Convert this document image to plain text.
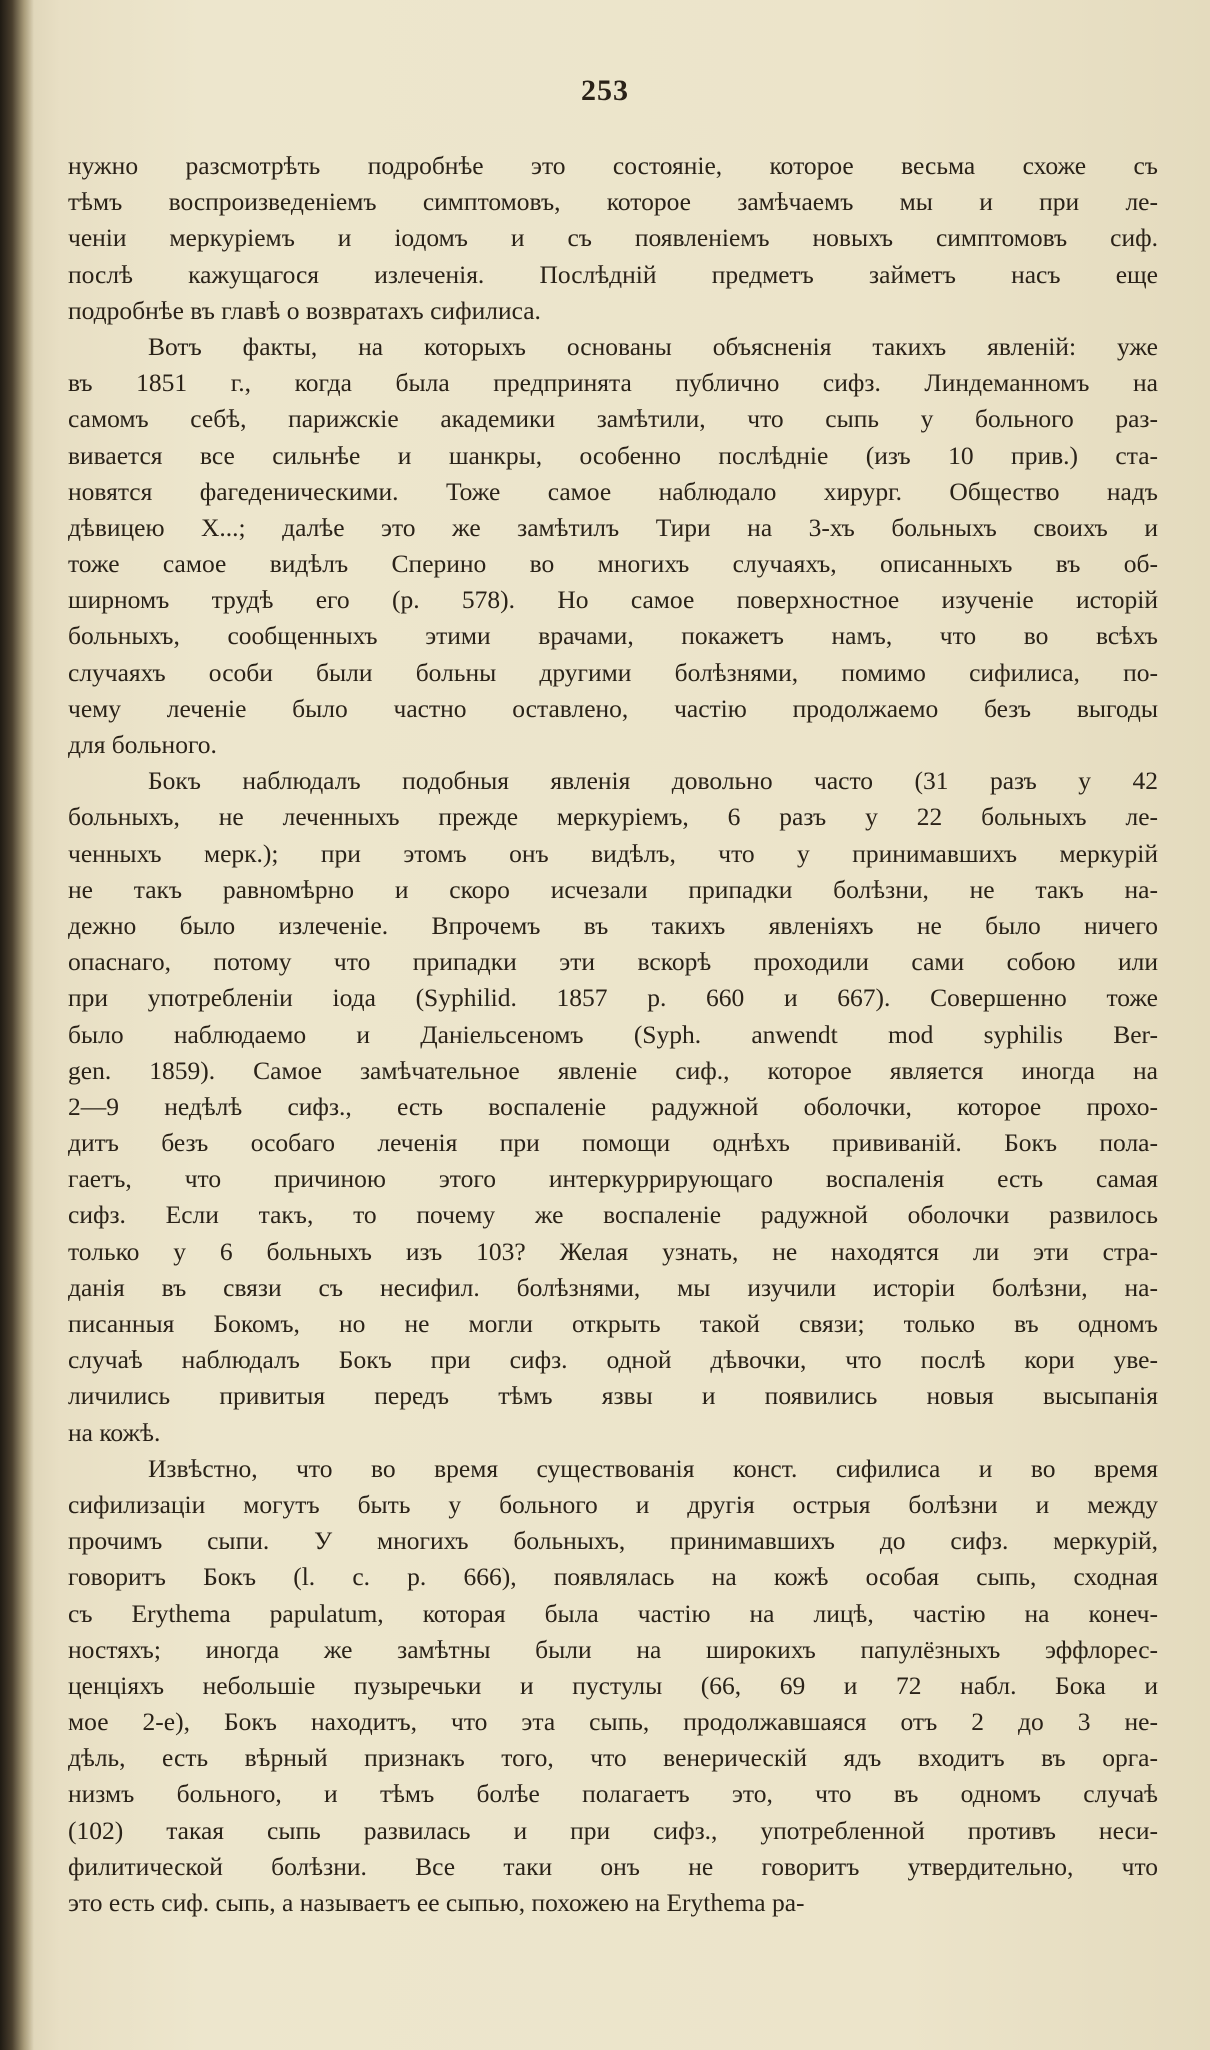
253

нужно разсмотрѣть подробнѣе это состояніе, которое весьма схоже съ
тѣмъ воспроизведеніемъ симптомовъ, которое замѣчаемъ мы и при ле-
ченіи меркуріемъ и іодомъ и съ появленіемъ новыхъ симптомовъ сиф.
послѣ кажущагося излеченія. Послѣдній предметъ займетъ насъ еще
подробнѣе въ главѣ о возвратахъ сифилиса.

Вотъ факты, на которыхъ основаны объясненія такихъ явленій: уже
въ 1851 г., когда была предпринята публично сифз. Линдеманномъ на
самомъ себѣ, парижскіе академики замѣтили, что сыпь у больного раз-
вивается все сильнѣе и шанкры, особенно послѣдніе (изъ 10 прив.) ста-
новятся фагеденическими. Тоже самое наблюдало хирург. Общество надъ
дѣвицею X...; далѣе это же замѣтилъ Тири на 3-хъ больныхъ своихъ и
тоже самое видѣлъ Сперино во многихъ случаяхъ, описанныхъ въ об-
ширномъ трудѣ его (p. 578). Но самое поверхностное изученіе исторій
больныхъ, сообщенныхъ этими врачами, покажетъ намъ, что во всѣхъ
случаяхъ особи были больны другими болѣзнями, помимо сифилиса, по-
чему леченіе было частно оставлено, частію продолжаемо безъ выгоды
для больного.

Бокъ наблюдалъ подобныя явленія довольно часто (31 разъ у 42
больныхъ, не леченныхъ прежде меркуріемъ, 6 разъ у 22 больныхъ ле-
ченныхъ мерк.); при этомъ онъ видѣлъ, что у принимавшихъ меркурій
не такъ равномѣрно и скоро исчезали припадки болѣзни, не такъ на-
дежно было излеченіе. Впрочемъ въ такихъ явленіяхъ не было ничего
опаснаго, потому что припадки эти вскорѣ проходили сами собою или
при употребленіи іода (Syphilid. 1857 p. 660 и 667). Совершенно тоже
было наблюдаемо и Даніельсеномъ (Syph. anwendt mod syphilis Ber-
gen. 1859). Самое замѣчательное явленіе сиф., которое является иногда на
2—9 недѣлѣ сифз., есть воспаленіе радужной оболочки, которое прохо-
дитъ безъ особаго леченія при помощи однѣхъ прививаній. Бокъ пола-
гаетъ, что причиною этого интеркуррирующаго воспаленія есть самая
сифз. Если такъ, то почему же воспаленіе радужной оболочки развилось
только у 6 больныхъ изъ 103? Желая узнать, не находятся ли эти стра-
данія въ связи съ несифил. болѣзнями, мы изучили исторіи болѣзни, на-
писанныя Бокомъ, но не могли открыть такой связи; только въ одномъ
случаѣ наблюдалъ Бокъ при сифз. одной дѣвочки, что послѣ кори уве-
личились привитыя передъ тѣмъ язвы и появились новыя высыпанія
на кожѣ.

Извѣстно, что во время существованія конст. сифилиса и во время
сифилизаціи могутъ быть у больного и другія острыя болѣзни и между
прочимъ сыпи. У многихъ больныхъ, принимавшихъ до сифз. меркурій,
говоритъ Бокъ (l. c. p. 666), появлялась на кожѣ особая сыпь, сходная
съ Erythema papulatum, которая была частію на лицѣ, частію на конеч-
ностяхъ; иногда же замѣтны были на широкихъ папулёзныхъ эффлорес-
ценціяхъ небольшіе пузыречьки и пустулы (66, 69 и 72 набл. Бока и
мое 2-е), Бокъ находитъ, что эта сыпь, продолжавшаяся отъ 2 до 3 не-
дѣль, есть вѣрный признакъ того, что венерическій ядъ входитъ въ орга-
низмъ больного, и тѣмъ болѣе полагаетъ это, что въ одномъ случаѣ
(102) такая сыпь развилась и при сифз., употребленной противъ неси-
филитической болѣзни. Все таки онъ не говоритъ утвердительно, что
это есть сиф. сыпь, а называетъ ее сыпью, похожею на Erythema pa-
